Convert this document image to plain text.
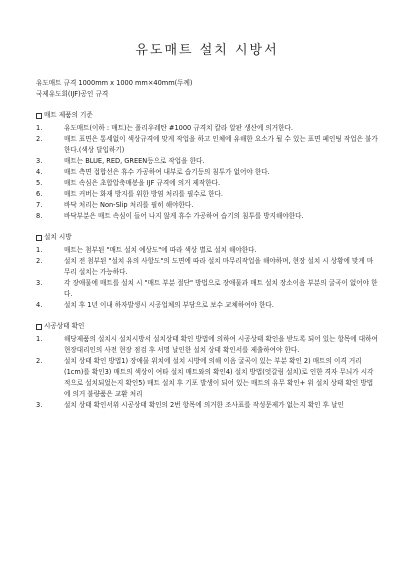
유도매트 설치 시방서

유도매트 규격 1000mm x 1000 mm×40mm(두께)

국제유도회(IJF)공인 규격

매트 제품의 기준
1.	유도매트(이하 : 매트)는 폴리우레탄 #1000 규격치 칼라 알판 생산에 의거한다.
2.	매트 표면은 통세없이 색상규격에 맞게 작업을 하고 인체에 유해한 요소가 될 수 있는 표면 페인팅 작업은 불가한다.(색상 달입하기)
3.	매트는 BLUE, RED, GREEN등으로 작업을 한다.
4.	매트 측면 접합선은 휴수 가공하여 내부로 습기등의 침투가 없어야 한다.
5.	매트 속심은 초합압축매봉을 IJF 규격에 의거 제작한다.
6.	매트 커버는 화재 방지를 위한 방염 처리를 필수로 한다.
7.	바닥 처리는 Non-Slip 처리를 필히 해야한다.
8.	바닥부분은 매트 속심이 들어 나지 않게 휴수 가공하여 습기의 침투를 방지해야한다.
설치 시방
1.	매트는 첨부된 "매트 설치 예상도"에 따라 색상 별로 설치 해야한다.
2.	설치 전 첨부된 "설치 유의 사항도"의 도면에 따라 설치 마무리작업을 해야하며, 현장 설치 시 상황에 맞게 마무리 설치는 가능하다.
3.	각 장애물에 매트를 설치 시 "매트 부분 절단" 방법으로 장애물과 매트 설치 장소이음 부분의 굴곡이 없어야 한다.
4.	설치 후 1년 이내 하자발생시 시공업체의 부담으로 보수 교체하여야 한다.
시공상태 확인
1.	해당제품의 설치시 설치시방서 설치상태 확인 방법에 의하여 시공상태 확인을 받도록 되어 있는 항목에 대하여 현장대리인의 사전 현장 점검 후 서명 날인한 설치 상태 확인서를 제출하여야 한다.
2.	설치 상태 확인 방법1) 장애물 위치에 설치 시방에 의해 이음 굴곡이 있는 부분 확인 2) 매트의 이격 거리 (1cm)를 확인3) 매트의 색상이 여타 설치 매트와의 확인4) 설치 방법(엇갈림 설치)로 인한 격자 무늬가 시각적으로 설치되었는지 확인5) 매트 설치 후 기포 발생이 되어 있는 매트의 유무 확인+ 위 설치 상태 확인 방법에 의거 불량품은 교환 처리
3.	설치 상태 확인서위 시공상태 확인의 2번 항목에 의거한 조사표를 작성문제가 없는지 확인 후 날인
